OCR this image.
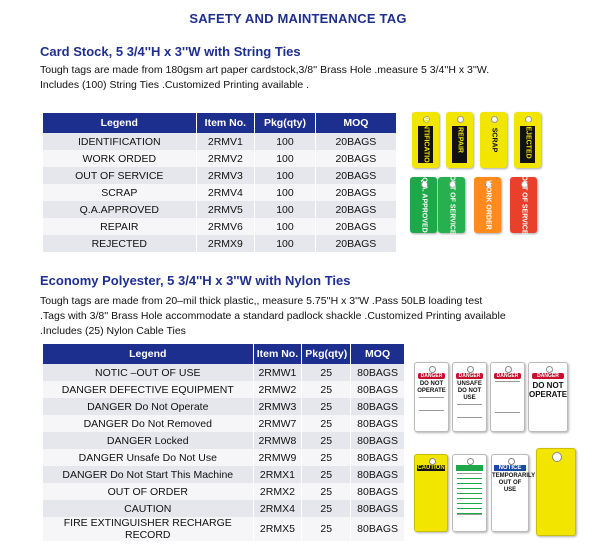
SAFETY AND MAINTENANCE TAG
Card Stock, 5 3/4''H x 3''W with String Ties
Tough tags are made from 180gsm art paper cardstock,3/8'' Brass Hole .measure 5 3/4''H x 3''W.
Includes (100) String Ties .Customized Printing available .
Legend	Item No.	Pkg(qty)	MOQ
IDENTIFICATION	2RMV1	100	20BAGS
WORK ORDED	2RMV2	100	20BAGS
OUT OF SERVICE	2RMV3	100	20BAGS
SCRAP	2RMV4	100	20BAGS
Q.A.APPROVED	2RMV5	100	20BAGS
REPAIR	2RMV6	100	20BAGS
REJECTED	2RMX9	100	20BAGS
IDENTIFICATION	REPAIR	SCRAP	REJECTED
Q.A. APPROVED	OUT OF SERVICE	WORK ORDER	OUT OF SERVICE
Economy Polyester, 5 3/4''H x 3''W with Nylon Ties
Tough tags are made from 20–mil thick plastic,, measure 5.75''H x 3''W .Pass 50LB loading test
.Tags with 3/8'' Brass Hole accommodate a standard padlock shackle .Customized Printing available
.Includes (25) Nylon Cable Ties
Legend	Item No.	Pkg(qty)	MOQ
NOTIC –OUT OF USE	2RMW1	25	80BAGS
DANGER DEFECTIVE EQUIPMENT	2RMW2	25	80BAGS
DANGER Do Not Operate	2RMW3	25	80BAGS
DANGER Do Not Removed	2RMW7	25	80BAGS
DANGER Locked	2RMW8	25	80BAGS
DANGER Unsafe Do Not Use	2RMW9	25	80BAGS
DANGER Do Not Start This Machine	2RMX1	25	80BAGS
OUT OF ORDER	2RMX2	25	80BAGS
CAUTION	2RMX4	25	80BAGS
FIRE EXTINGUISHER RECHARGE RECORD	2RMX5	25	80BAGS
DANGER
DO NOT OPERATE
DANGER
UNSAFE DO NOT USE
DANGER	DANGER
DO NOT OPERATE
CAUTION	NOTICE
TEMPORARILY OUT OF USE
